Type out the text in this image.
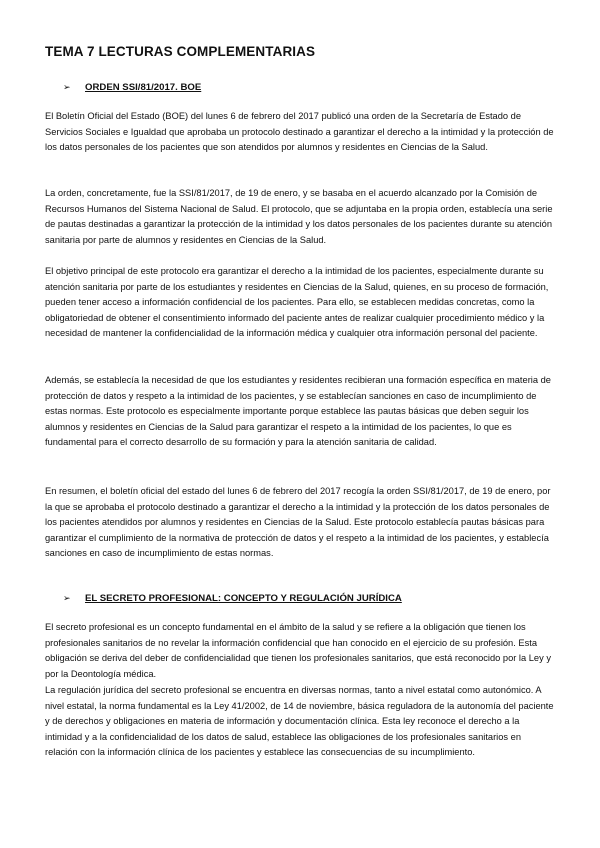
TEMA 7 LECTURAS COMPLEMENTARIAS
➢	ORDEN SSI/81/2017. BOE

El Boletín Oficial del Estado (BOE) del lunes 6 de febrero del 2017 publicó una orden de la Secretaría de Estado de Servicios Sociales e Igualdad que aprobaba un protocolo destinado a garantizar el derecho a la intimidad y la protección de los datos personales de los pacientes que son atendidos por alumnos y residentes en Ciencias de la Salud.

La orden, concretamente, fue la SSI/81/2017, de 19 de enero, y se basaba en el acuerdo alcanzado por la Comisión de Recursos Humanos del Sistema Nacional de Salud. El protocolo, que se adjuntaba en la propia orden, establecía una serie de pautas destinadas a garantizar la protección de la intimidad y los datos personales de los pacientes durante su atención sanitaria por parte de alumnos y residentes en Ciencias de la Salud.

El objetivo principal de este protocolo era garantizar el derecho a la intimidad de los pacientes, especialmente durante su atención sanitaria por parte de los estudiantes y residentes en Ciencias de la Salud, quienes, en su proceso de formación, pueden tener acceso a información confidencial de los pacientes. Para ello, se establecen medidas concretas, como la obligatoriedad de obtener el consentimiento informado del paciente antes de realizar cualquier procedimiento médico y la necesidad de mantener la confidencialidad de la información médica y cualquier otra información personal del paciente.

Además, se establecía la necesidad de que los estudiantes y residentes recibieran una formación específica en materia de protección de datos y respeto a la intimidad de los pacientes, y se establecían sanciones en caso de incumplimiento de estas normas. Este protocolo es especialmente importante porque establece las pautas básicas que deben seguir los alumnos y residentes en Ciencias de la Salud para garantizar el respeto a la intimidad de los pacientes, lo que es fundamental para el correcto desarrollo de su formación y para la atención sanitaria de calidad.

En resumen, el boletín oficial del estado del lunes 6 de febrero del 2017 recogía la orden SSI/81/2017, de 19 de enero, por la que se aprobaba el protocolo destinado a garantizar el derecho a la intimidad y la protección de los datos personales de los pacientes atendidos por alumnos y residentes en Ciencias de la Salud. Este protocolo establecía pautas básicas para garantizar el cumplimiento de la normativa de protección de datos y el respeto a la intimidad de los pacientes, y establecía sanciones en caso de incumplimiento de estas normas.

➢	EL SECRETO PROFESIONAL: CONCEPTO Y REGULACIÓN JURÍDICA

El secreto profesional es un concepto fundamental en el ámbito de la salud y se refiere a la obligación que tienen los profesionales sanitarios de no revelar la información confidencial que han conocido en el ejercicio de su profesión. Esta obligación se deriva del deber de confidencialidad que tienen los profesionales sanitarios, que está reconocido por la Ley y por la Deontología médica.

La regulación jurídica del secreto profesional se encuentra en diversas normas, tanto a nivel estatal como autonómico. A nivel estatal, la norma fundamental es la Ley 41/2002, de 14 de noviembre, básica reguladora de la autonomía del paciente y de derechos y obligaciones en materia de información y documentación clínica. Esta ley reconoce el derecho a la intimidad y a la confidencialidad de los datos de salud, establece las obligaciones de los profesionales sanitarios en relación con la información clínica de los pacientes y establece las consecuencias de su incumplimiento.
